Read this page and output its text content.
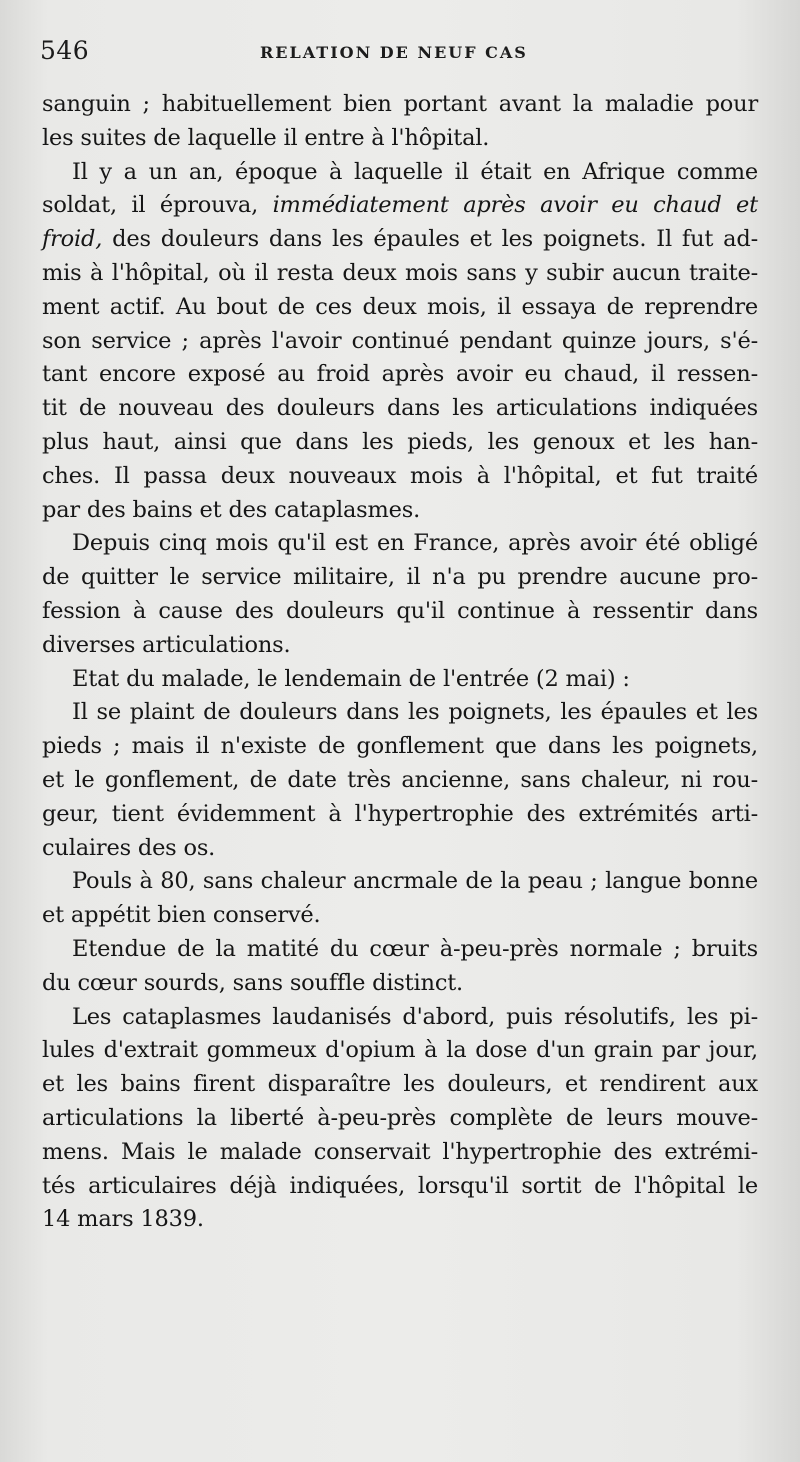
546	RELATION DE NEUF CAS
sanguin ; habituellement bien portant avant la maladie pour
les suites de laquelle il entre à l'hôpital.
Il y a un an, époque à laquelle il était en Afrique comme
soldat, il éprouva, immédiatement après avoir eu chaud et
froid, des douleurs dans les épaules et les poignets. Il fut ad-
mis à l'hôpital, où il resta deux mois sans y subir aucun traite-
ment actif. Au bout de ces deux mois, il essaya de reprendre
son service ; après l'avoir continué pendant quinze jours, s'é-
tant encore exposé au froid après avoir eu chaud, il ressen-
tit de nouveau des douleurs dans les articulations indiquées
plus haut, ainsi que dans les pieds, les genoux et les han-
ches. Il passa deux nouveaux mois à l'hôpital, et fut traité
par des bains et des cataplasmes.
Depuis cinq mois qu'il est en France, après avoir été obligé
de quitter le service militaire, il n'a pu prendre aucune pro-
fession à cause des douleurs qu'il continue à ressentir dans
diverses articulations.
Etat du malade, le lendemain de l'entrée (2 mai) :
Il se plaint de douleurs dans les poignets, les épaules et les
pieds ; mais il n'existe de gonflement que dans les poignets,
et le gonflement, de date très ancienne, sans chaleur, ni rou-
geur, tient évidemment à l'hypertrophie des extrémités arti-
culaires des os.
Pouls à 80, sans chaleur ancrmale de la peau ; langue bonne
et appétit bien conservé.
Etendue de la matité du cœur à-peu-près normale ; bruits
du cœur sourds, sans souffle distinct.
Les cataplasmes laudanisés d'abord, puis résolutifs, les pi-
lules d'extrait gommeux d'opium à la dose d'un grain par jour,
et les bains firent disparaître les douleurs, et rendirent aux
articulations la liberté à-peu-près complète de leurs mouve-
mens. Mais le malade conservait l'hypertrophie des extrémi-
tés articulaires déjà indiquées, lorsqu'il sortit de l'hôpital le
14 mars 1839.
